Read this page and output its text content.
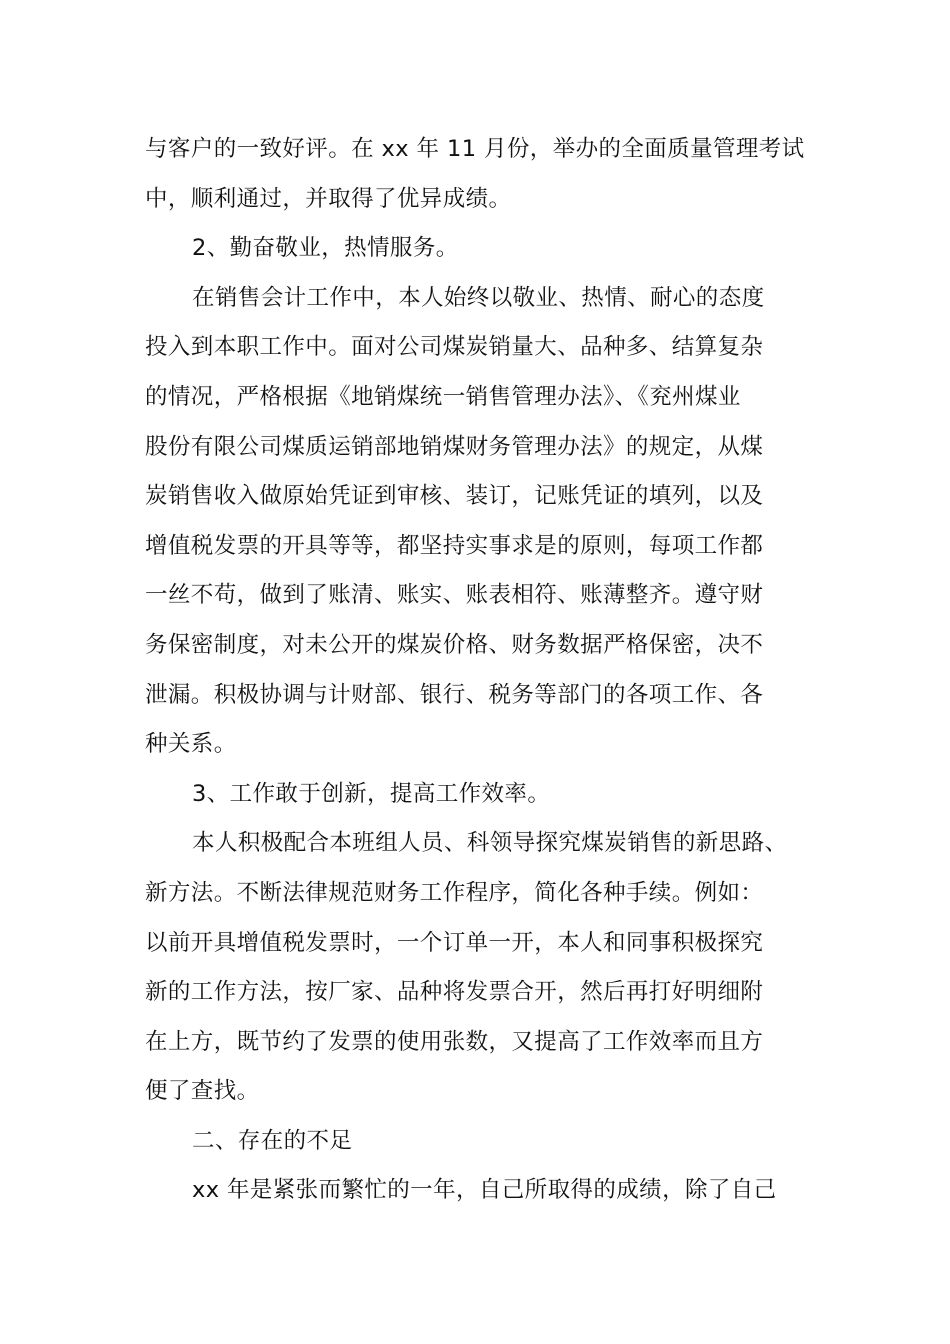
与客户的一致好评。在 xx 年 11 月份，举办的全面质量管理考试
中，顺利通过，并取得了优异成绩。
2、勤奋敬业，热情服务。
在销售会计工作中，本人始终以敬业、热情、耐心的态度
投入到本职工作中。面对公司煤炭销量大、品种多、结算复杂
的情况，严格根据《地销煤统一销售管理办法》、《兖州煤业
股份有限公司煤质运销部地销煤财务管理办法》的规定，从煤
炭销售收入做原始凭证到审核、装订，记账凭证的填列，以及
增值税发票的开具等等，都坚持实事求是的原则，每项工作都
一丝不苟，做到了账清、账实、账表相符、账薄整齐。遵守财
务保密制度，对未公开的煤炭价格、财务数据严格保密，决不
泄漏。积极协调与计财部、银行、税务等部门的各项工作、各
种关系。
3、工作敢于创新，提高工作效率。
本人积极配合本班组人员、科领导探究煤炭销售的新思路、
新方法。不断法律规范财务工作程序，简化各种手续。例如：
以前开具增值税发票时，一个订单一开，本人和同事积极探究
新的工作方法，按厂家、品种将发票合开，然后再打好明细附
在上方，既节约了发票的使用张数，又提高了工作效率而且方
便了查找。
二、存在的不足
xx 年是紧张而繁忙的一年，自己所取得的成绩，除了自己
